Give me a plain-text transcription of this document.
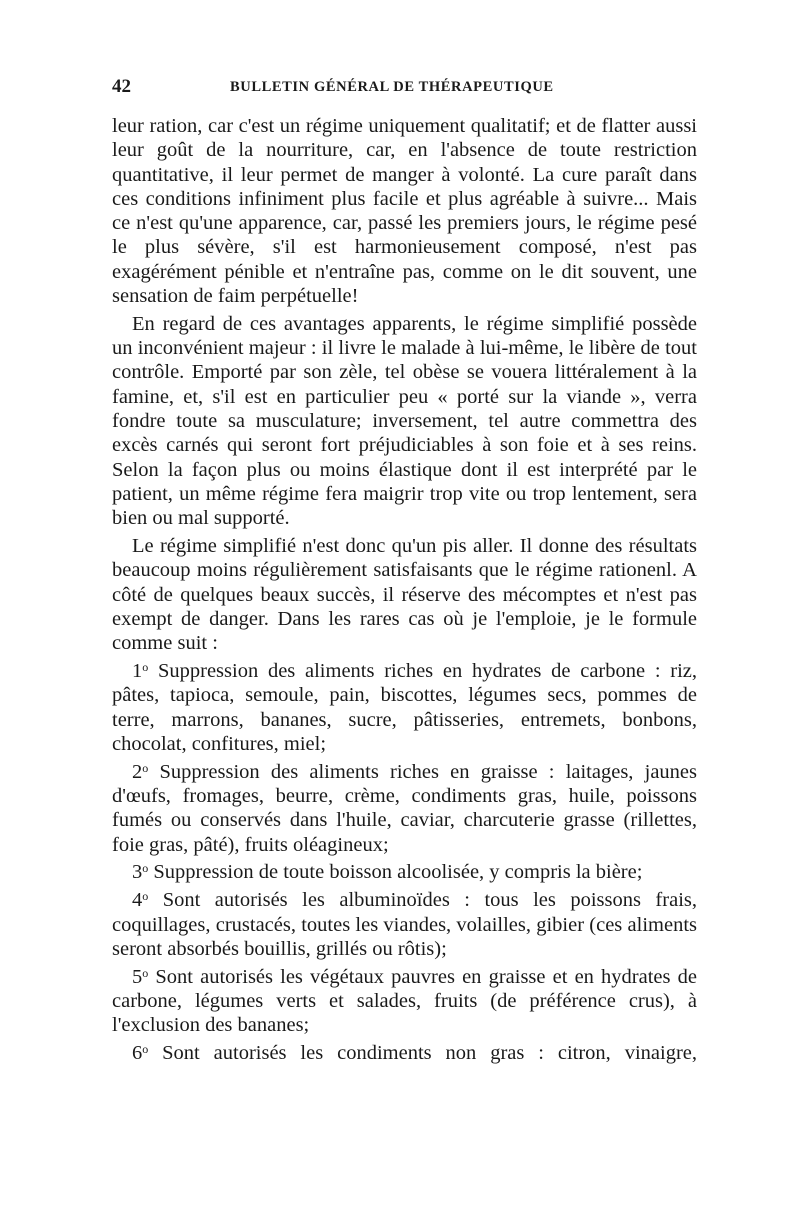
42	BULLETIN GÉNÉRAL DE THÉRAPEUTIQUE

leur ration, car c'est un régime uniquement qualitatif; et de flatter aussi leur goût de la nourriture, car, en l'absence de toute restriction quantitative, il leur permet de manger à volonté. La cure paraît dans ces conditions infiniment plus facile et plus agréable à suivre... Mais ce n'est qu'une apparence, car, passé les premiers jours, le régime pesé le plus sévère, s'il est harmonieusement composé, n'est pas exagérément pénible et n'entraîne pas, comme on le dit souvent, une sensation de faim perpétuelle!

En regard de ces avantages apparents, le régime simplifié possède un inconvénient majeur : il livre le malade à lui-même, le libère de tout contrôle. Emporté par son zèle, tel obèse se vouera littéralement à la famine, et, s'il est en particulier peu « porté sur la viande », verra fondre toute sa musculature; inversement, tel autre commettra des excès carnés qui seront fort préjudiciables à son foie et à ses reins. Selon la façon plus ou moins élastique dont il est interprété par le patient, un même régime fera maigrir trop vite ou trop lentement, sera bien ou mal supporté.

Le régime simplifié n'est donc qu'un pis aller. Il donne des résultats beaucoup moins régulièrement satisfaisants que le régime rationenl. A côté de quelques beaux succès, il réserve des mécomptes et n'est pas exempt de danger. Dans les rares cas où je l'emploie, je le formule comme suit :

1$^o$ Suppression des aliments riches en hydrates de carbone : riz, pâtes, tapioca, semoule, pain, biscottes, légumes secs, pommes de terre, marrons, bananes, sucre, pâtisseries, entremets, bonbons, chocolat, confitures, miel;

2$^o$ Suppression des aliments riches en graisse : laitages, jaunes d'œufs, fromages, beurre, crème, condiments gras, huile, poissons fumés ou conservés dans l'huile, caviar, charcuterie grasse (rillettes, foie gras, pâté), fruits oléagineux;

3$^o$ Suppression de toute boisson alcoolisée, y compris la bière;

4$^o$ Sont autorisés les albuminoïdes : tous les poissons frais, coquillages, crustacés, toutes les viandes, volailles, gibier (ces aliments seront absorbés bouillis, grillés ou rôtis);

5$^o$ Sont autorisés les végétaux pauvres en graisse et en hydrates de carbone, légumes verts et salades, fruits (de préférence crus), à l'exclusion des bananes;

6$^o$ Sont autorisés les condiments non gras : citron, vinaigre,
